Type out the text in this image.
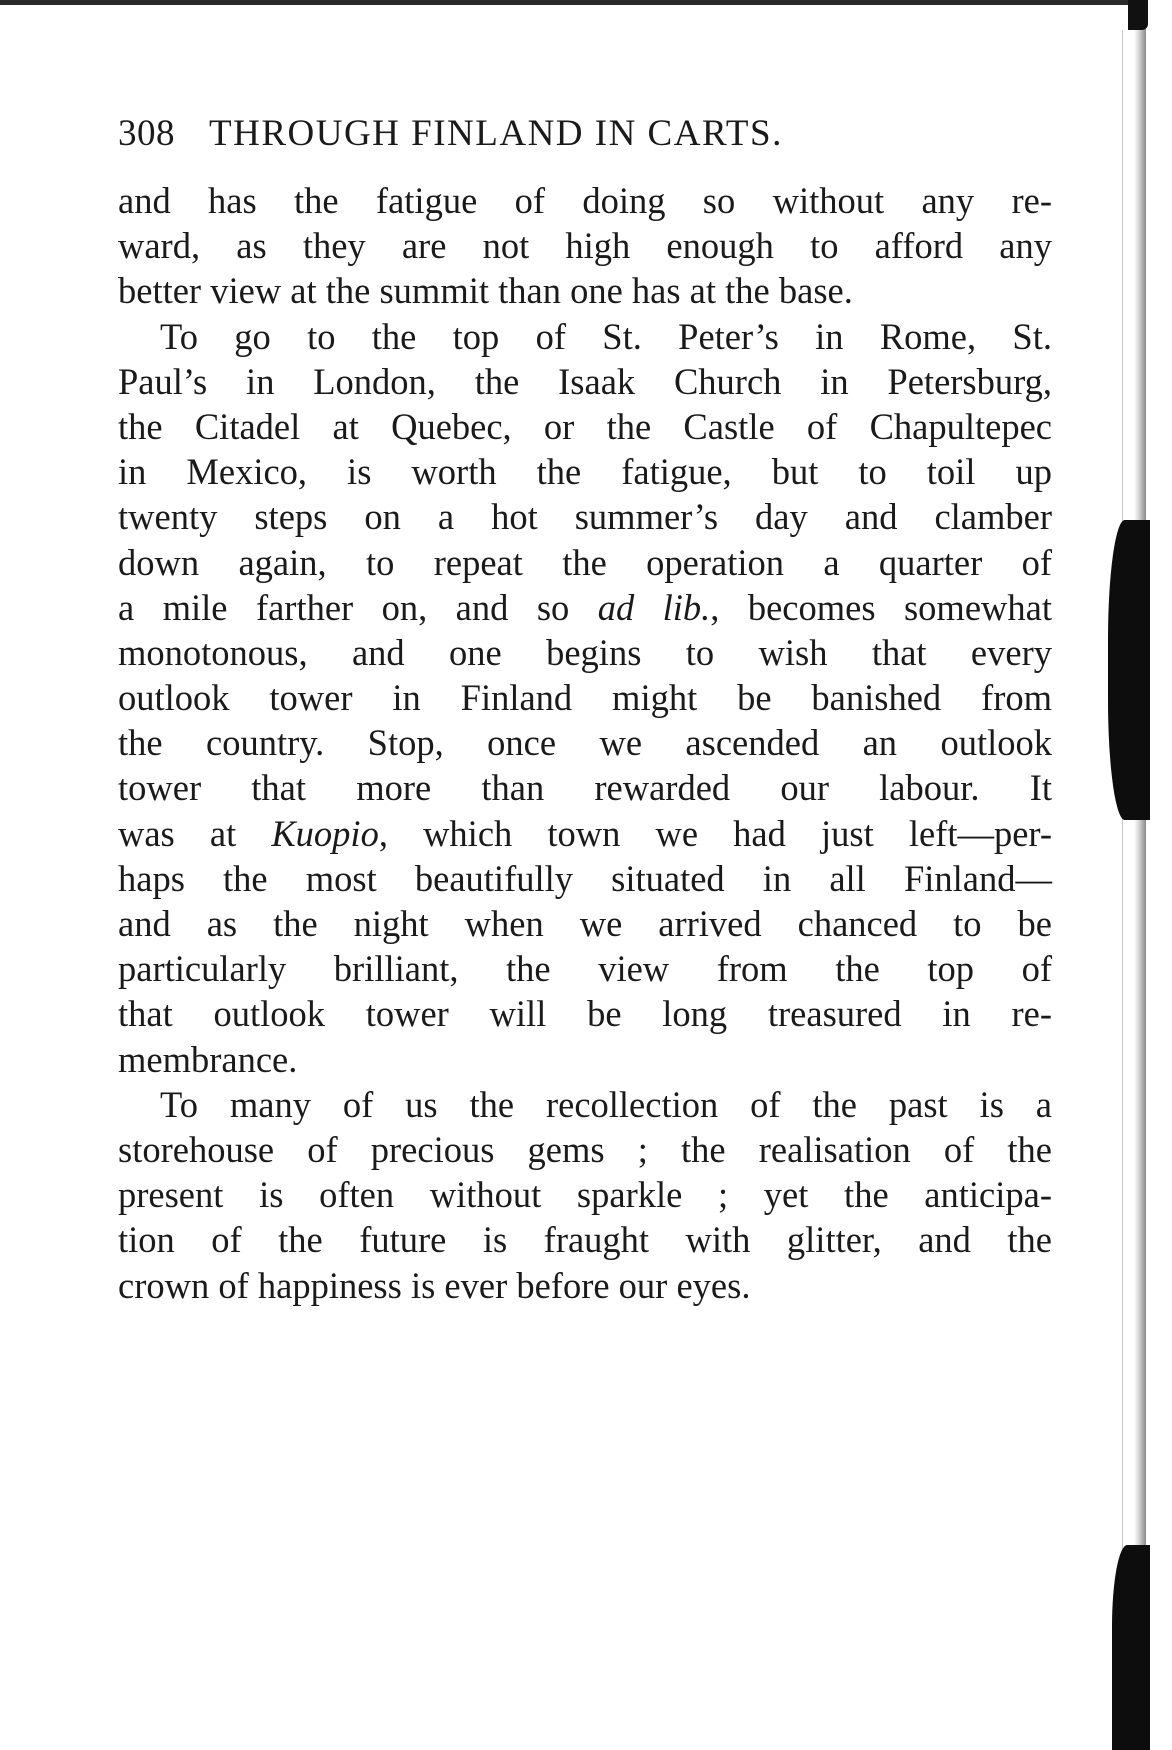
308 THROUGH FINLAND IN CARTS.
and has the fatigue of doing so without any re-
ward, as they are not high enough to afford any
better view at the summit than one has at the base.
To go to the top of St. Peter’s in Rome, St.
Paul’s in London, the Isaak Church in Petersburg,
the Citadel at Quebec, or the Castle of Chapultepec
in Mexico, is worth the fatigue, but to toil up
twenty steps on a hot summer’s day and clamber
down again, to repeat the operation a quarter of
a mile farther on, and so ad lib., becomes somewhat
monotonous, and one begins to wish that every
outlook tower in Finland might be banished from
the country. Stop, once we ascended an outlook
tower that more than rewarded our labour. It
was at Kuopio, which town we had just left—per-
haps the most beautifully situated in all Finland—
and as the night when we arrived chanced to be
particularly brilliant, the view from the top of
that outlook tower will be long treasured in re-
membrance.
To many of us the recollection of the past is a
storehouse of precious gems ; the realisation of the
present is often without sparkle ; yet the anticipa-
tion of the future is fraught with glitter, and the
crown of happiness is ever before our eyes.
